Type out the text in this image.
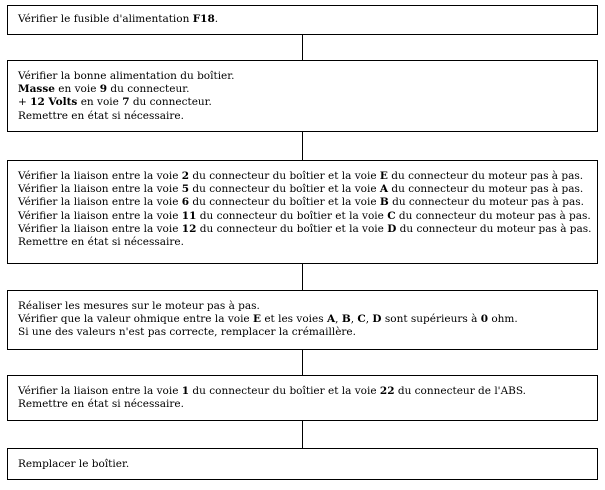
Vérifier le fusible d'alimentation F18.
Vérifier la bonne alimentation du boîtier.
Masse en voie 9 du connecteur.
+ 12 Volts en voie 7 du connecteur.
Remettre en état si nécessaire.
Vérifier la liaison entre la voie 2 du connecteur du boîtier et la voie E du connecteur du moteur pas à pas.
Vérifier la liaison entre la voie 5 du connecteur du boîtier et la voie A du connecteur du moteur pas à pas.
Vérifier la liaison entre la voie 6 du connecteur du boîtier et la voie B du connecteur du moteur pas à pas.
Vérifier la liaison entre la voie 11 du connecteur du boîtier et la voie C du connecteur du moteur pas à pas.
Vérifier la liaison entre la voie 12 du connecteur du boîtier et la voie D du connecteur du moteur pas à pas.
Remettre en état si nécessaire.
Réaliser les mesures sur le moteur pas à pas.
Vérifier que la valeur ohmique entre la voie E et les voies A, B, C, D sont supérieurs à 0 ohm.
Si une des valeurs n'est pas correcte, remplacer la crémaillère.
Vérifier la liaison entre la voie 1 du connecteur du boîtier et la voie 22 du connecteur de l'ABS.
Remettre en état si nécessaire.
Remplacer le boîtier.
